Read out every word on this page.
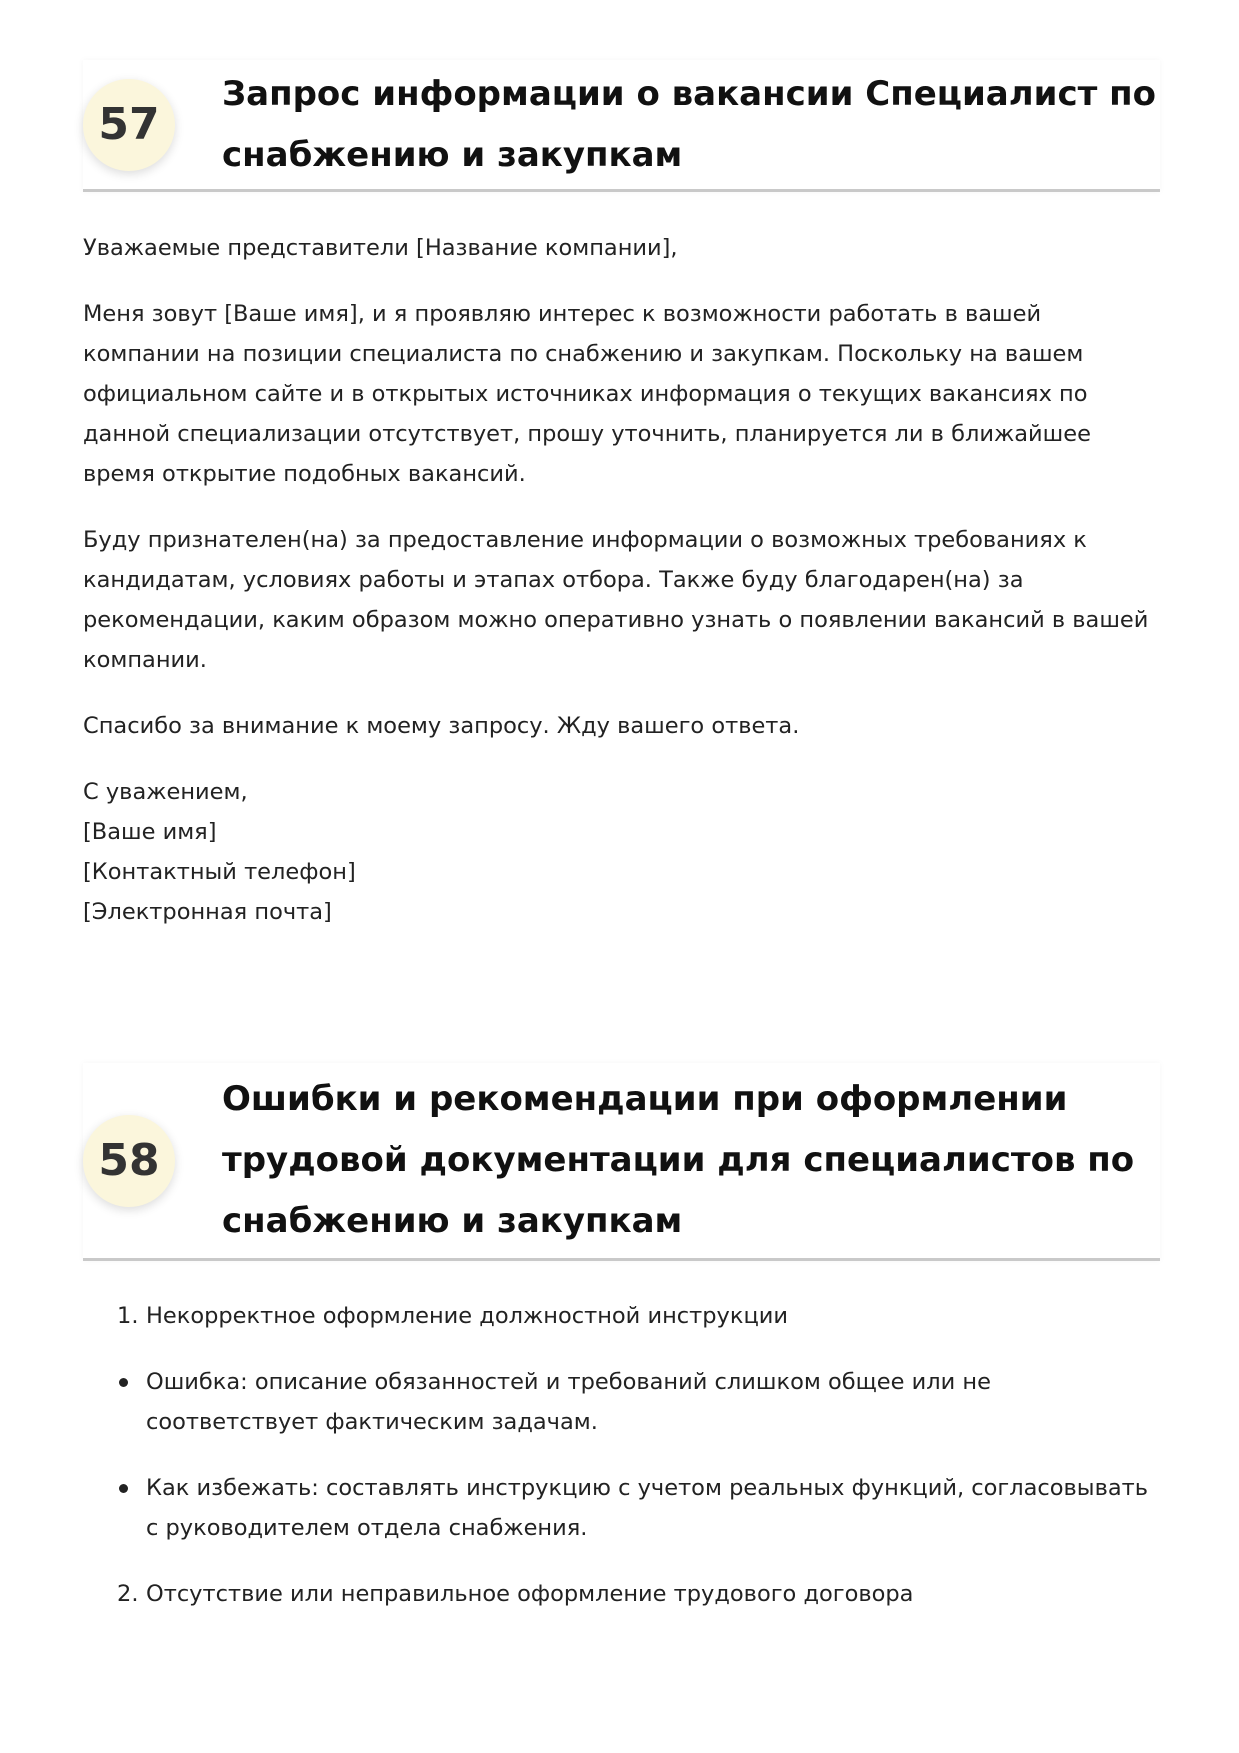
57
Запрос информации о вакансии Специалист по снабжению и закупкам

Уважаемые представители [Название компании],

Меня зовут [Ваше имя], и я проявляю интерес к возможности работать в вашей компании на позиции специалиста по снабжению и закупкам. Поскольку на вашем официальном сайте и в открытых источниках информация о текущих вакансиях по данной специализации отсутствует, прошу уточнить, планируется ли в ближайшее время открытие подобных вакансий.

Буду признателен(на) за предоставление информации о возможных требованиях к кандидатам, условиях работы и этапах отбора. Также буду благодарен(на) за рекомендации, каким образом можно оперативно узнать о появлении вакансий в вашей компании.

Спасибо за внимание к моему запросу. Жду вашего ответа.

С уважением,
[Ваше имя]
[Контактный телефон]
[Электронная почта]
58
Ошибки и рекомендации при оформлении трудовой документации для специалистов по снабжению и закупкам
1. Некорректное оформление должностной инструкции
Ошибка: описание обязанностей и требований слишком общее или не соответствует фактическим задачам.
Как избежать: составлять инструкцию с учетом реальных функций, согласовывать с руководителем отдела снабжения.
2. Отсутствие или неправильное оформление трудового договора
